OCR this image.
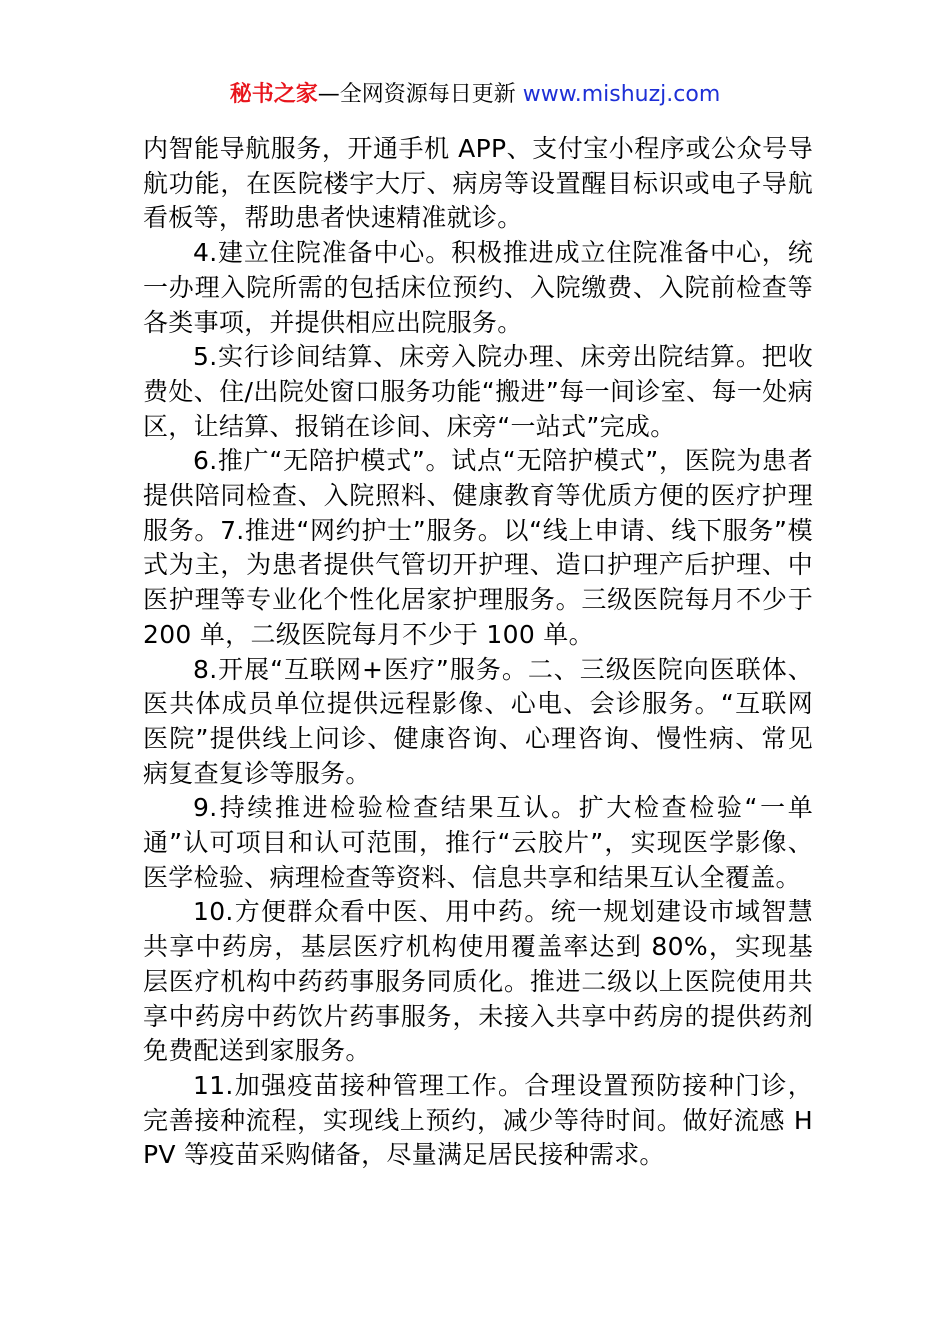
秘书之家—全网资源每日更新 www.mishuzj.com

内智能导航服务，开通手机 APP、支付宝小程序或公众号导航功能，在医院楼宇大厅、病房等设置醒目标识或电子导航看板等，帮助患者快速精准就诊。

4.建立住院准备中心。积极推进成立住院准备中心，统一办理入院所需的包括床位预约、入院缴费、入院前检查等各类事项，并提供相应出院服务。

5.实行诊间结算、床旁入院办理、床旁出院结算。把收费处、住/出院处窗口服务功能“搬进”每一间诊室、每一处病区，让结算、报销在诊间、床旁“一站式”完成。

6.推广“无陪护模式”。试点“无陪护模式”，医院为患者提供陪同检查、入院照料、健康教育等优质方便的医疗护理服务。7.推进“网约护士”服务。以“线上申请、线下服务”模式为主，为患者提供气管切开护理、造口护理产后护理、中医护理等专业化个性化居家护理服务。三级医院每月不少于 200 单，二级医院每月不少于 100 单。

8.开展“互联网+医疗”服务。二、三级医院向医联体、医共体成员单位提供远程影像、心电、会诊服务。“互联网医院”提供线上问诊、健康咨询、心理咨询、慢性病、常见病复查复诊等服务。

9.持续推进检验检查结果互认。扩大检查检验“一单通”认可项目和认可范围，推行“云胶片”，实现医学影像、医学检验、病理检查等资料、信息共享和结果互认全覆盖。

10.方便群众看中医、用中药。统一规划建设市域智慧共享中药房，基层医疗机构使用覆盖率达到 80%，实现基层医疗机构中药药事服务同质化。推进二级以上医院使用共享中药房中药饮片药事服务，未接入共享中药房的提供药剂免费配送到家服务。

11.加强疫苗接种管理工作。合理设置预防接种门诊，完善接种流程，实现线上预约，减少等待时间。做好流感 HPV 等疫苗采购储备，尽量满足居民接种需求。
